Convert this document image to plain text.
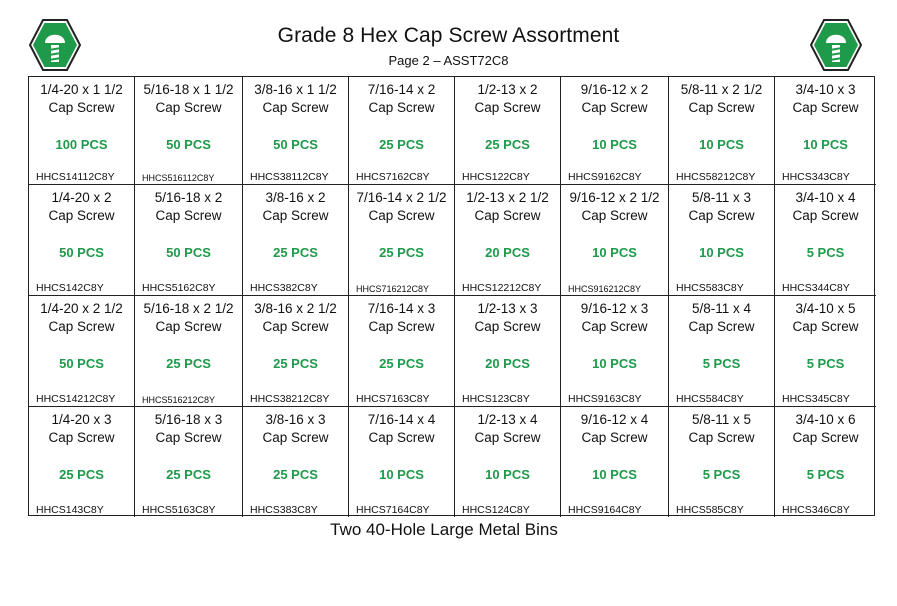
Grade 8 Hex Cap Screw Assortment
Page 2 – ASST72C8
1/4-20 x 1 1/2
Cap Screw
100 PCS
HHCS14112C8Y
5/16-18 x 1 1/2
Cap Screw
50 PCS
HHCS516112C8Y
3/8-16 x 1 1/2
Cap Screw
50 PCS
HHCS38112C8Y
7/16-14 x 2
Cap Screw
25 PCS
HHCS7162C8Y
1/2-13 x 2
Cap Screw
25 PCS
HHCS122C8Y
9/16-12 x 2
Cap Screw
10 PCS
HHCS9162C8Y
5/8-11 x 2 1/2
Cap Screw
10 PCS
HHCS58212C8Y
3/4-10 x 3
Cap Screw
10 PCS
HHCS343C8Y
1/4-20 x 2
Cap Screw
50 PCS
HHCS142C8Y
5/16-18 x 2
Cap Screw
50 PCS
HHCS5162C8Y
3/8-16 x 2
Cap Screw
25 PCS
HHCS382C8Y
7/16-14 x 2 1/2
Cap Screw
25 PCS
HHCS716212C8Y
1/2-13 x 2 1/2
Cap Screw
20 PCS
HHCS12212C8Y
9/16-12 x 2 1/2
Cap Screw
10 PCS
HHCS916212C8Y
5/8-11 x 3
Cap Screw
10 PCS
HHCS583C8Y
3/4-10 x 4
Cap Screw
5 PCS
HHCS344C8Y
1/4-20 x 2 1/2
Cap Screw
50 PCS
HHCS14212C8Y
5/16-18 x 2 1/2
Cap Screw
25 PCS
HHCS516212C8Y
3/8-16 x 2 1/2
Cap Screw
25 PCS
HHCS38212C8Y
7/16-14 x 3
Cap Screw
25 PCS
HHCS7163C8Y
1/2-13 x 3
Cap Screw
20 PCS
HHCS123C8Y
9/16-12 x 3
Cap Screw
10 PCS
HHCS9163C8Y
5/8-11 x 4
Cap Screw
5 PCS
HHCS584C8Y
3/4-10 x 5
Cap Screw
5 PCS
HHCS345C8Y
1/4-20 x 3
Cap Screw
25 PCS
HHCS143C8Y
5/16-18 x 3
Cap Screw
25 PCS
HHCS5163C8Y
3/8-16 x 3
Cap Screw
25 PCS
HHCS383C8Y
7/16-14 x 4
Cap Screw
10 PCS
HHCS7164C8Y
1/2-13 x 4
Cap Screw
10 PCS
HHCS124C8Y
9/16-12 x 4
Cap Screw
10 PCS
HHCS9164C8Y
5/8-11 x 5
Cap Screw
5 PCS
HHCS585C8Y
3/4-10 x 6
Cap Screw
5 PCS
HHCS346C8Y
Two 40-Hole Large Metal Bins
